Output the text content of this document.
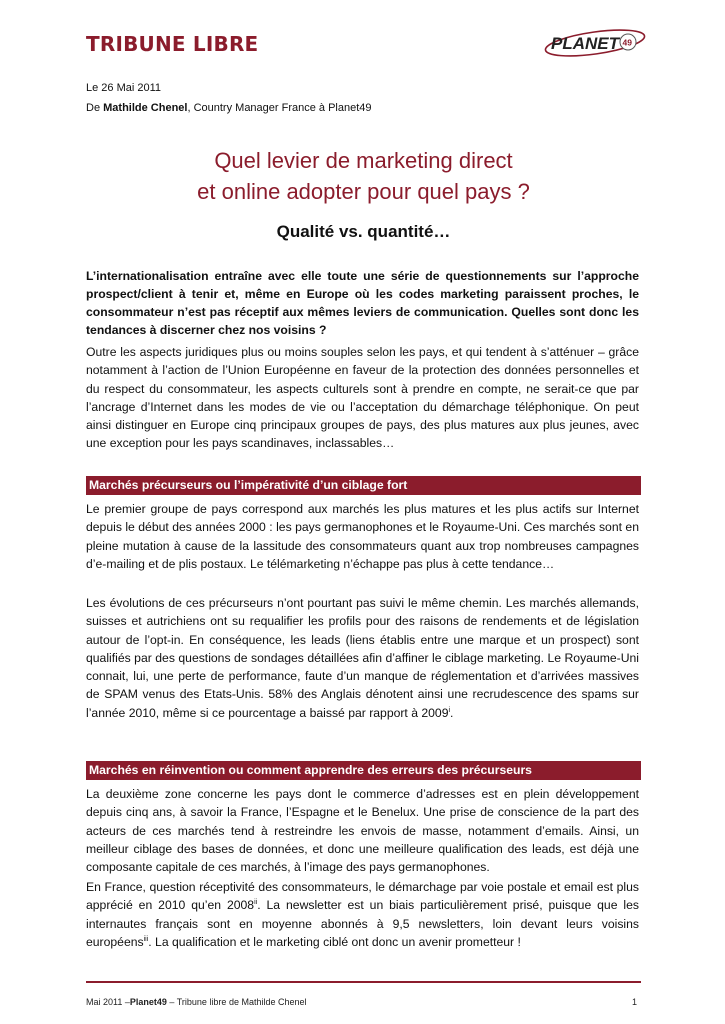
TRIBUNE LIBRE	PLANET 49
Le 26 Mai 2011
De Mathilde Chenel, Country Manager France à Planet49
Quel levier de marketing direct
et online adopter pour quel pays ?
Qualité vs. quantité…

L’internationalisation entraîne avec elle toute une série de questionnements sur l’approche prospect/client à tenir et, même en Europe où les codes marketing paraissent proches, le consommateur n’est pas réceptif aux mêmes leviers de communication. Quelles sont donc les tendances à discerner chez nos voisins ?

Outre les aspects juridiques plus ou moins souples selon les pays, et qui tendent à s’atténuer – grâce notamment à l’action de l’Union Européenne en faveur de la protection des données personnelles et du respect du consommateur, les aspects culturels sont à prendre en compte, ne serait-ce que par l’ancrage d’Internet dans les modes de vie ou l’acceptation du démarchage téléphonique. On peut ainsi distinguer en Europe cinq principaux groupes de pays, des plus matures aux plus jeunes, avec une exception pour les pays scandinaves, inclassables…

Marchés précurseurs ou l’impérativité d’un ciblage fort

Le premier groupe de pays correspond aux marchés les plus matures et les plus actifs sur Internet depuis le début des années 2000 : les pays germanophones et le Royaume-Uni. Ces marchés sont en pleine mutation à cause de la lassitude des consommateurs quant aux trop nombreuses campagnes d’e-mailing et de plis postaux. Le télémarketing n’échappe pas plus à cette tendance…

Les évolutions de ces précurseurs n’ont pourtant pas suivi le même chemin. Les marchés allemands, suisses et autrichiens ont su requalifier les profils pour des raisons de rendements et de législation autour de l’opt-in. En conséquence, les leads (liens établis entre une marque et un prospect) sont qualifiés par des questions de sondages détaillées afin d’affiner le ciblage marketing. Le Royaume-Uni connait, lui, une perte de performance, faute d’un manque de réglementation et d’arrivées massives de SPAM venus des Etats-Unis. 58% des Anglais dénotent ainsi une recrudescence des spams sur l’année 2010, même si ce pourcentage a baissé par rapport à 2009$^i$.

Marchés en réinvention ou comment apprendre des erreurs des précurseurs

La deuxième zone concerne les pays dont le commerce d’adresses est en plein développement depuis cinq ans, à savoir la France, l’Espagne et le Benelux. Une prise de conscience de la part des acteurs de ces marchés tend à restreindre les envois de masse, notamment d’emails. Ainsi, un meilleur ciblage des bases de données, et donc une meilleure qualification des leads, est déjà une composante capitale de ces marchés, à l’image des pays germanophones.

En France, question réceptivité des consommateurs, le démarchage par voie postale et email est plus apprécié en 2010 qu’en 2008$^{ii}$. La newsletter est un biais particulièrement prisé, puisque que les internautes français sont en moyenne abonnés à 9,5 newsletters, loin devant leurs voisins européens$^{iii}$. La qualification et le marketing ciblé ont donc un avenir prometteur !

Mai 2011 –Planet49 – Tribune libre de Mathilde Chenel	1
